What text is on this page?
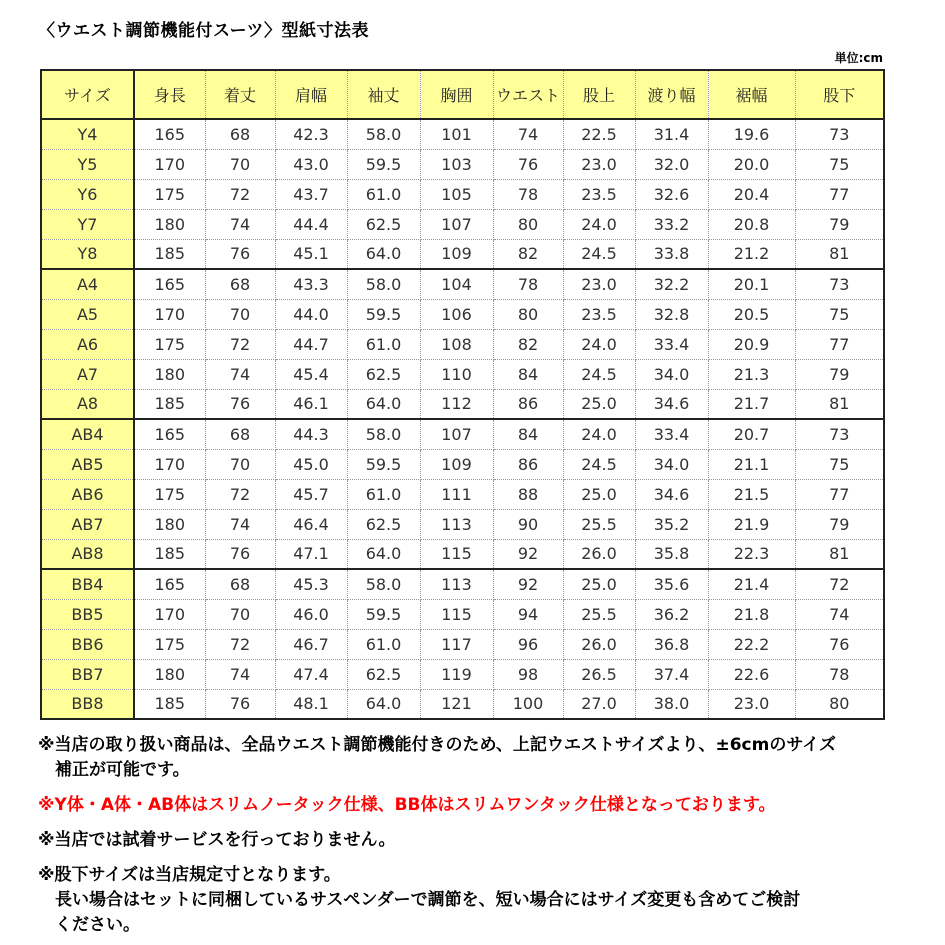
〈ウエスト調節機能付スーツ〉型紙寸法表
単位:cm
サイズ	身長	着丈	肩幅	袖丈	胸囲	ウエスト	股上	渡り幅	裾幅	股下
Y4	165	68	42.3	58.0	101	74	22.5	31.4	19.6	73
Y5	170	70	43.0	59.5	103	76	23.0	32.0	20.0	75
Y6	175	72	43.7	61.0	105	78	23.5	32.6	20.4	77
Y7	180	74	44.4	62.5	107	80	24.0	33.2	20.8	79
Y8	185	76	45.1	64.0	109	82	24.5	33.8	21.2	81
A4	165	68	43.3	58.0	104	78	23.0	32.2	20.1	73
A5	170	70	44.0	59.5	106	80	23.5	32.8	20.5	75
A6	175	72	44.7	61.0	108	82	24.0	33.4	20.9	77
A7	180	74	45.4	62.5	110	84	24.5	34.0	21.3	79
A8	185	76	46.1	64.0	112	86	25.0	34.6	21.7	81
AB4	165	68	44.3	58.0	107	84	24.0	33.4	20.7	73
AB5	170	70	45.0	59.5	109	86	24.5	34.0	21.1	75
AB6	175	72	45.7	61.0	111	88	25.0	34.6	21.5	77
AB7	180	74	46.4	62.5	113	90	25.5	35.2	21.9	79
AB8	185	76	47.1	64.0	115	92	26.0	35.8	22.3	81
BB4	165	68	45.3	58.0	113	92	25.0	35.6	21.4	72
BB5	170	70	46.0	59.5	115	94	25.5	36.2	21.8	74
BB6	175	72	46.7	61.0	117	96	26.0	36.8	22.2	76
BB7	180	74	47.4	62.5	119	98	26.5	37.4	22.6	78
BB8	185	76	48.1	64.0	121	100	27.0	38.0	23.0	80
※当店の取り扱い商品は、全品ウエスト調節機能付きのため、上記ウエストサイズより、±6cmのサイズ
補正が可能です。
※Y体・A体・AB体はスリムノータック仕様、BB体はスリムワンタック仕様となっております。
※当店では試着サービスを行っておりません。
※股下サイズは当店規定寸となります。
長い場合はセットに同梱しているサスペンダーで調節を、短い場合にはサイズ変更も含めてご検討
ください。
